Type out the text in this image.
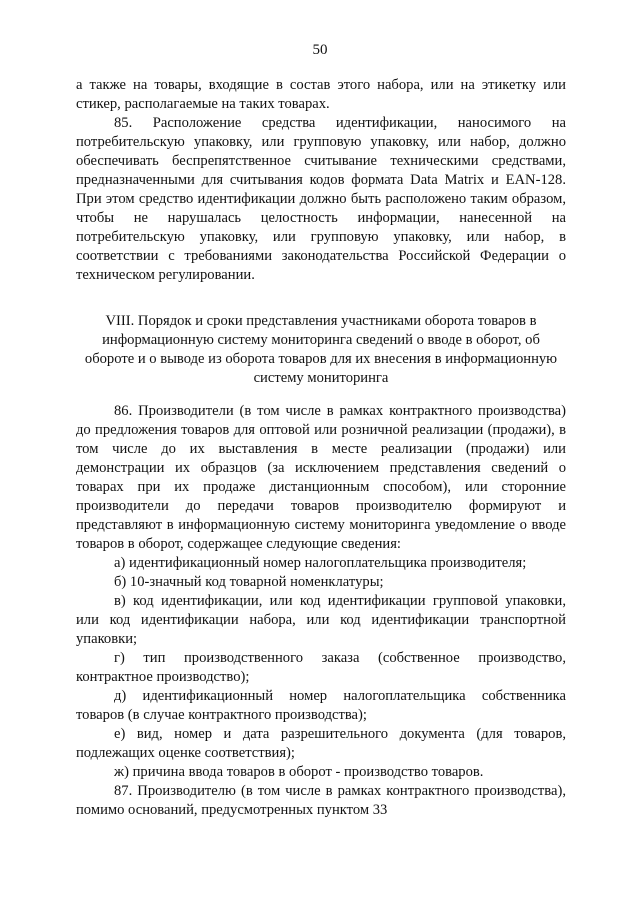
50

а также на товары, входящие в состав этого набора, или на этикетку или стикер, располагаемые на таких товарах.

85. Расположение средства идентификации, наносимого на потребительскую упаковку, или групповую упаковку, или набор, должно обеспечивать беспрепятственное считывание техническими средствами, предназначенными для считывания кодов формата Data Matrix и EAN-128. При этом средство идентификации должно быть расположено таким образом, чтобы не нарушалась целостность информации, нанесенной на потребительскую упаковку, или групповую упаковку, или набор, в соответствии с требованиями законодательства Российской Федерации о техническом регулировании.

VIII. Порядок и сроки представления участниками оборота товаров в информационную систему мониторинга сведений о вводе в оборот, об обороте и о выводе из оборота товаров для их внесения в информационную систему мониторинга

86. Производители (в том числе в рамках контрактного производства) до предложения товаров для оптовой или розничной реализации (продажи), в том числе до их выставления в месте реализации (продажи) или демонстрации их образцов (за исключением представления сведений о товарах при их продаже дистанционным способом), или сторонние производители до передачи товаров производителю формируют и представляют в информационную систему мониторинга уведомление о вводе товаров в оборот, содержащее следующие сведения:

а) идентификационный номер налогоплательщика производителя;

б) 10-значный код товарной номенклатуры;

в) код идентификации, или код идентификации групповой упаковки, или код идентификации набора, или код идентификации транспортной упаковки;

г) тип производственного заказа (собственное производство, контрактное производство);

д) идентификационный номер налогоплательщика собственника товаров (в случае контрактного производства);

е) вид, номер и дата разрешительного документа (для товаров, подлежащих оценке соответствия);

ж) причина ввода товаров в оборот - производство товаров.

87. Производителю (в том числе в рамках контрактного производства), помимо оснований, предусмотренных пунктом 33
